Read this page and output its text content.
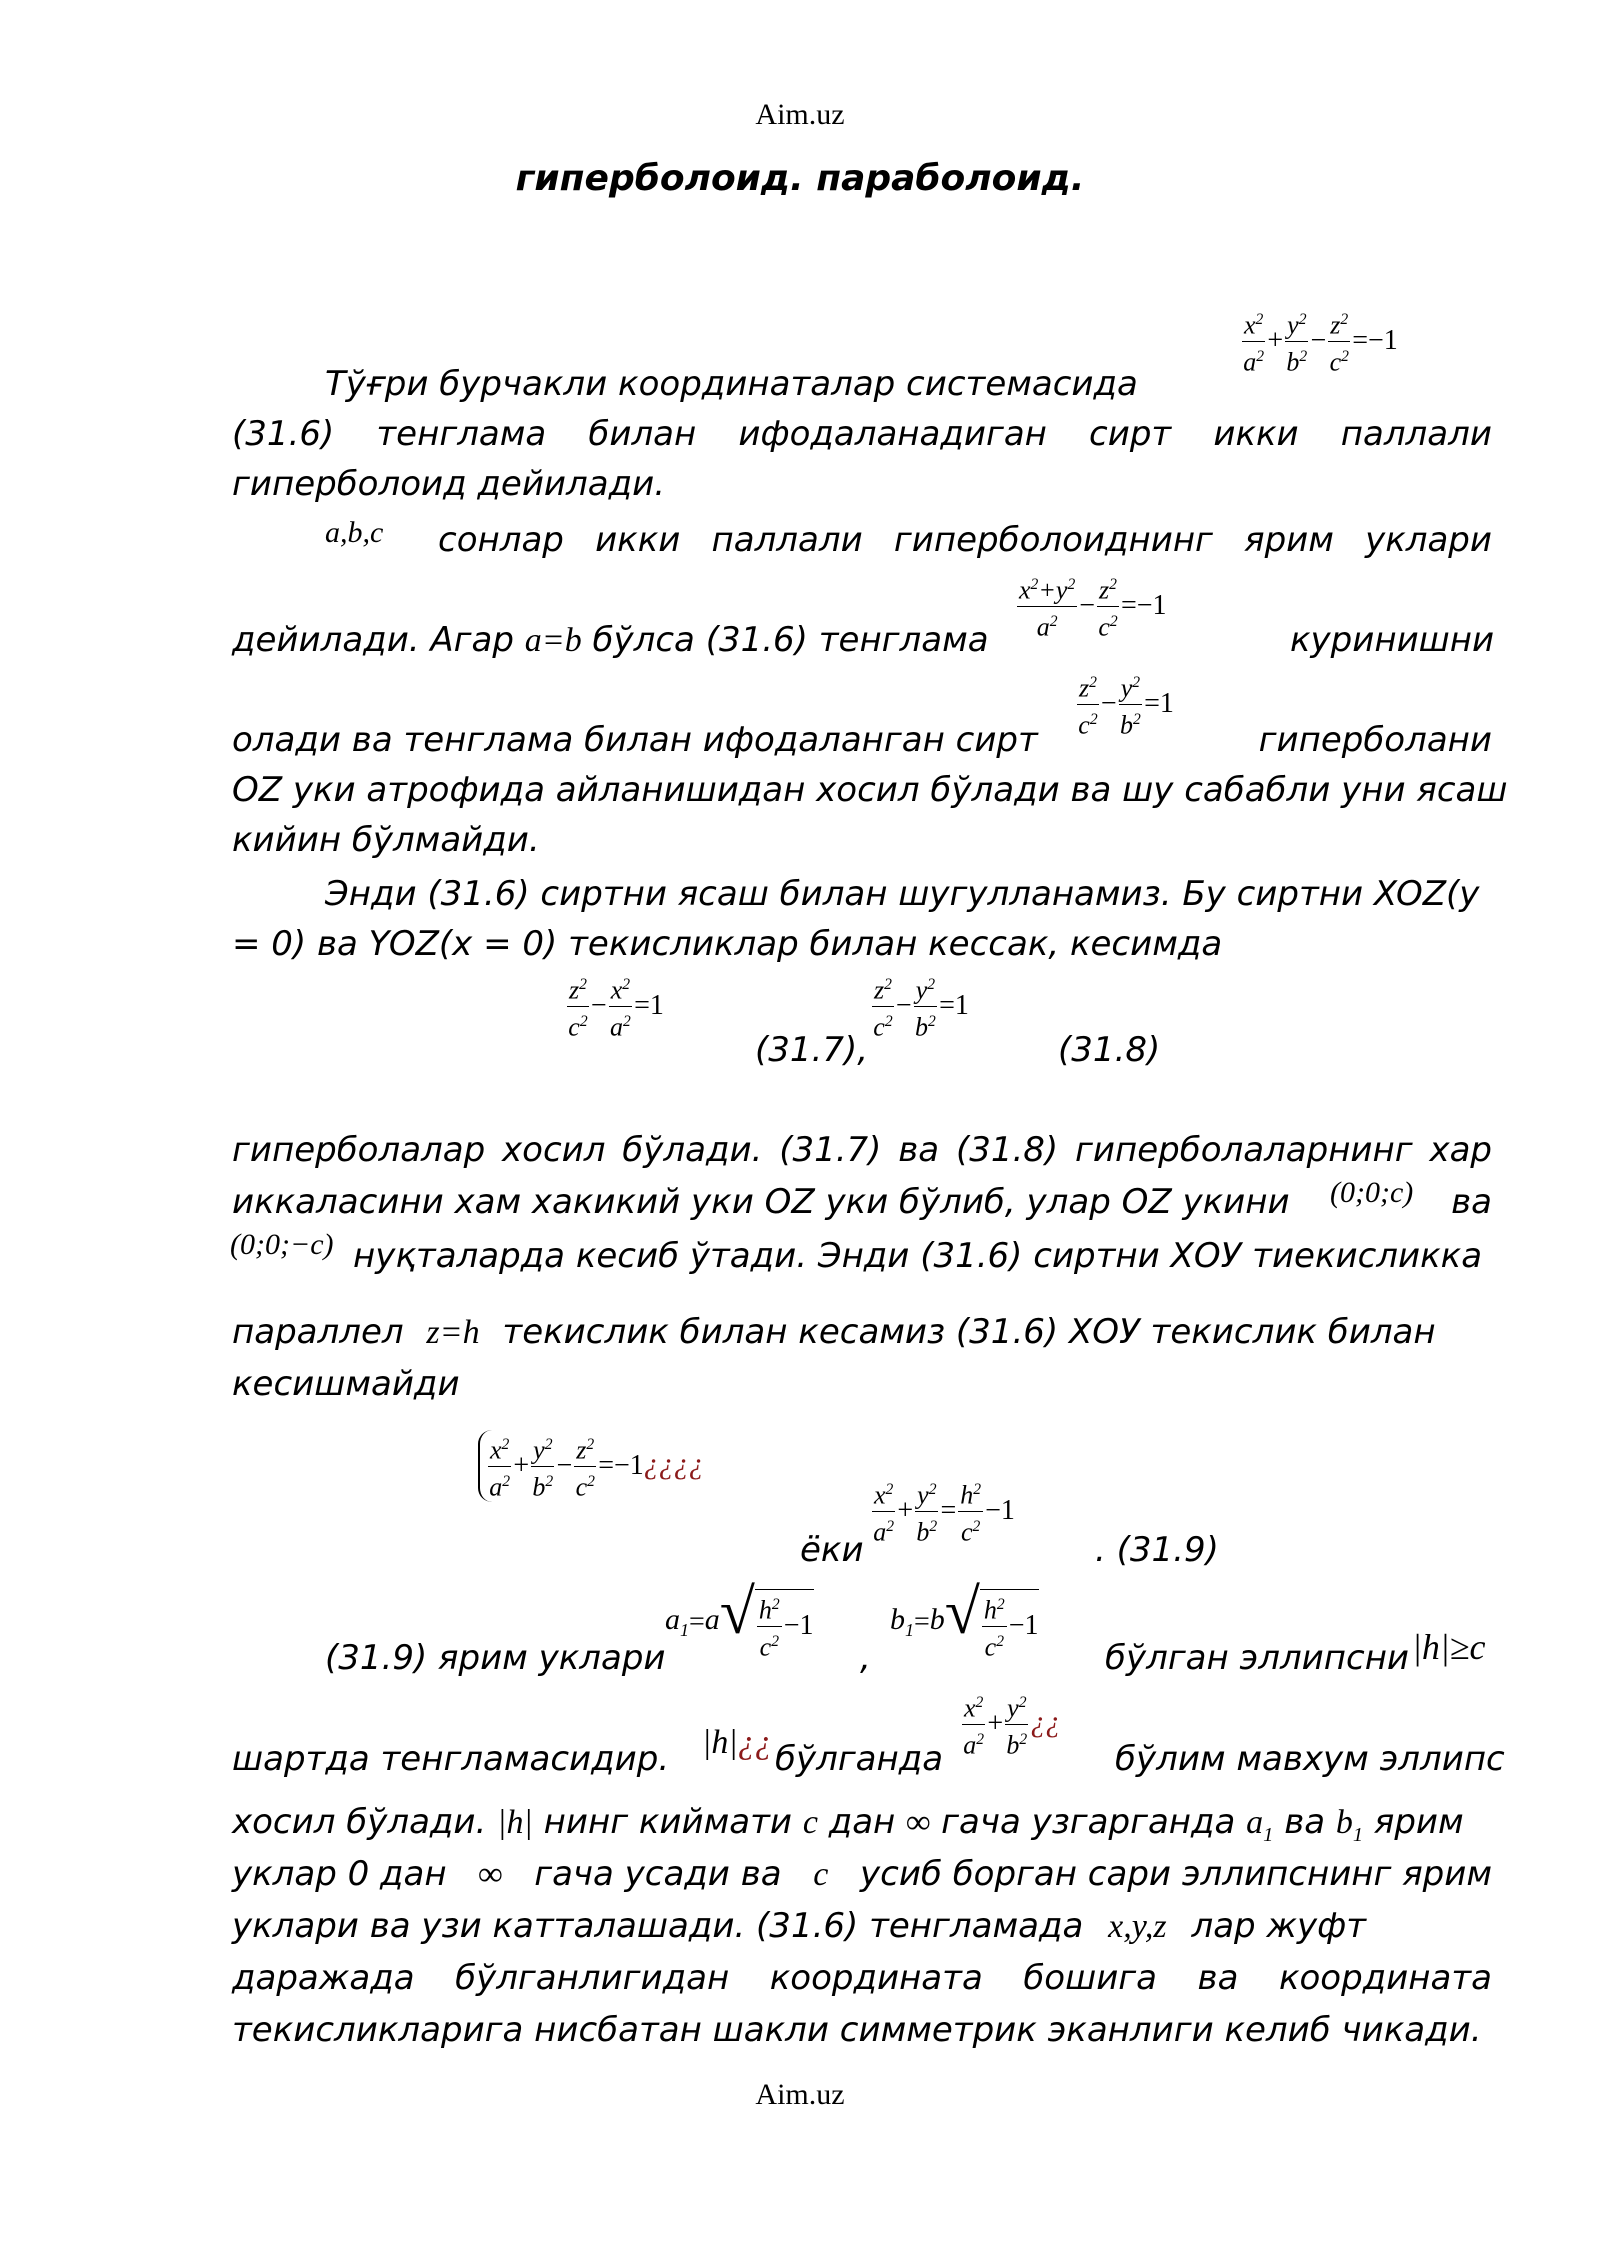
Aim.uz
гиперболоид. параболоид.
$\frac{x^2}{a^2} + \frac{y^2}{b^2} - \frac{z^2}{c^2} =-1$
Тўғри бурчакли координаталар системасида
(31.6) тенглама билан ифодаланадиган сирт икки паллали
гиперболоид дейилади.
a,b,c сонлар икки паллали гиперболоиднинг ярим уклари
$\frac{x^2+y^2}{a^2} - \frac{z^2}{c^2} =-1$
дейилади. Агар a=b бўлса (31.6) тенглама	куринишни
$\frac{z^2}{c^2} - \frac{y^2}{b^2} =1$
олади ва тенглама билан ифодаланган сирт	гиперболани
OZ уки атрофида айланишидан хосил бўлади ва шу сабабли уни ясаш
кийин бўлмайди.
Энди (31.6) сиртни ясаш билан шугулланамиз. Бу сиртни XOZ(y
= 0) ва YOZ(x = 0) текисликлар билан кессак, кесимда
$\frac{z^2}{c^2} - \frac{x^2}{a^2} =1$
(31.7),
$\frac{z^2}{c^2} - \frac{y^2}{b^2} =1$
(31.8)
гиперболалар хосил бўлади. (31.7) ва (31.8) гиперболаларнинг хар
иккаласини хам хакикий уки OZ уки бўлиб, улар OZ укини	(0;0;c)	ва
(0;0;−c) нуқталарда кесиб ўтади. Энди (31.6) сиртни ХОУ тиекисликка
параллел z=h текислик билан кесамиз (31.6) ХОУ текислик билан
кесишмайди
$\frac{x^2}{a^2} + \frac{y^2}{b^2} - \frac{z^2}{c^2}$ =−1¿¿¿¿
ёки
$\frac{x^2}{a^2} + \frac{y^2}{b^2} = \frac{h^2}{c^2} -1$
. (31.9)
(31.9) ярим уклари
$a_1=a√ \frac{h^2}{c^2} -1$
,
$b_1=b√ \frac{h^2}{c^2} -1$
бўлган эллипсни |h|≥c
шартда тенгламасидир. |h|¿¿ бўлганда $\frac{x^2}{a^2} + \frac{y^2}{b^2}$ ¿¿
бўлим мавхум эллипс
хосил бўлади. |h| нинг киймати c дан ∞ гача узгарганда $a_1$ ва $b_1$ ярим
уклар 0 дан ∞ гача усади ва c усиб борган сари эллипснинг ярим
уклари ва узи катталашади. (31.6) тенгламада x,y,z лар жуфт
даражада бўлганлигидан координата бошига ва координата
текисликларига нисбатан шакли симметрик эканлиги келиб чикади.
Aim.uz
